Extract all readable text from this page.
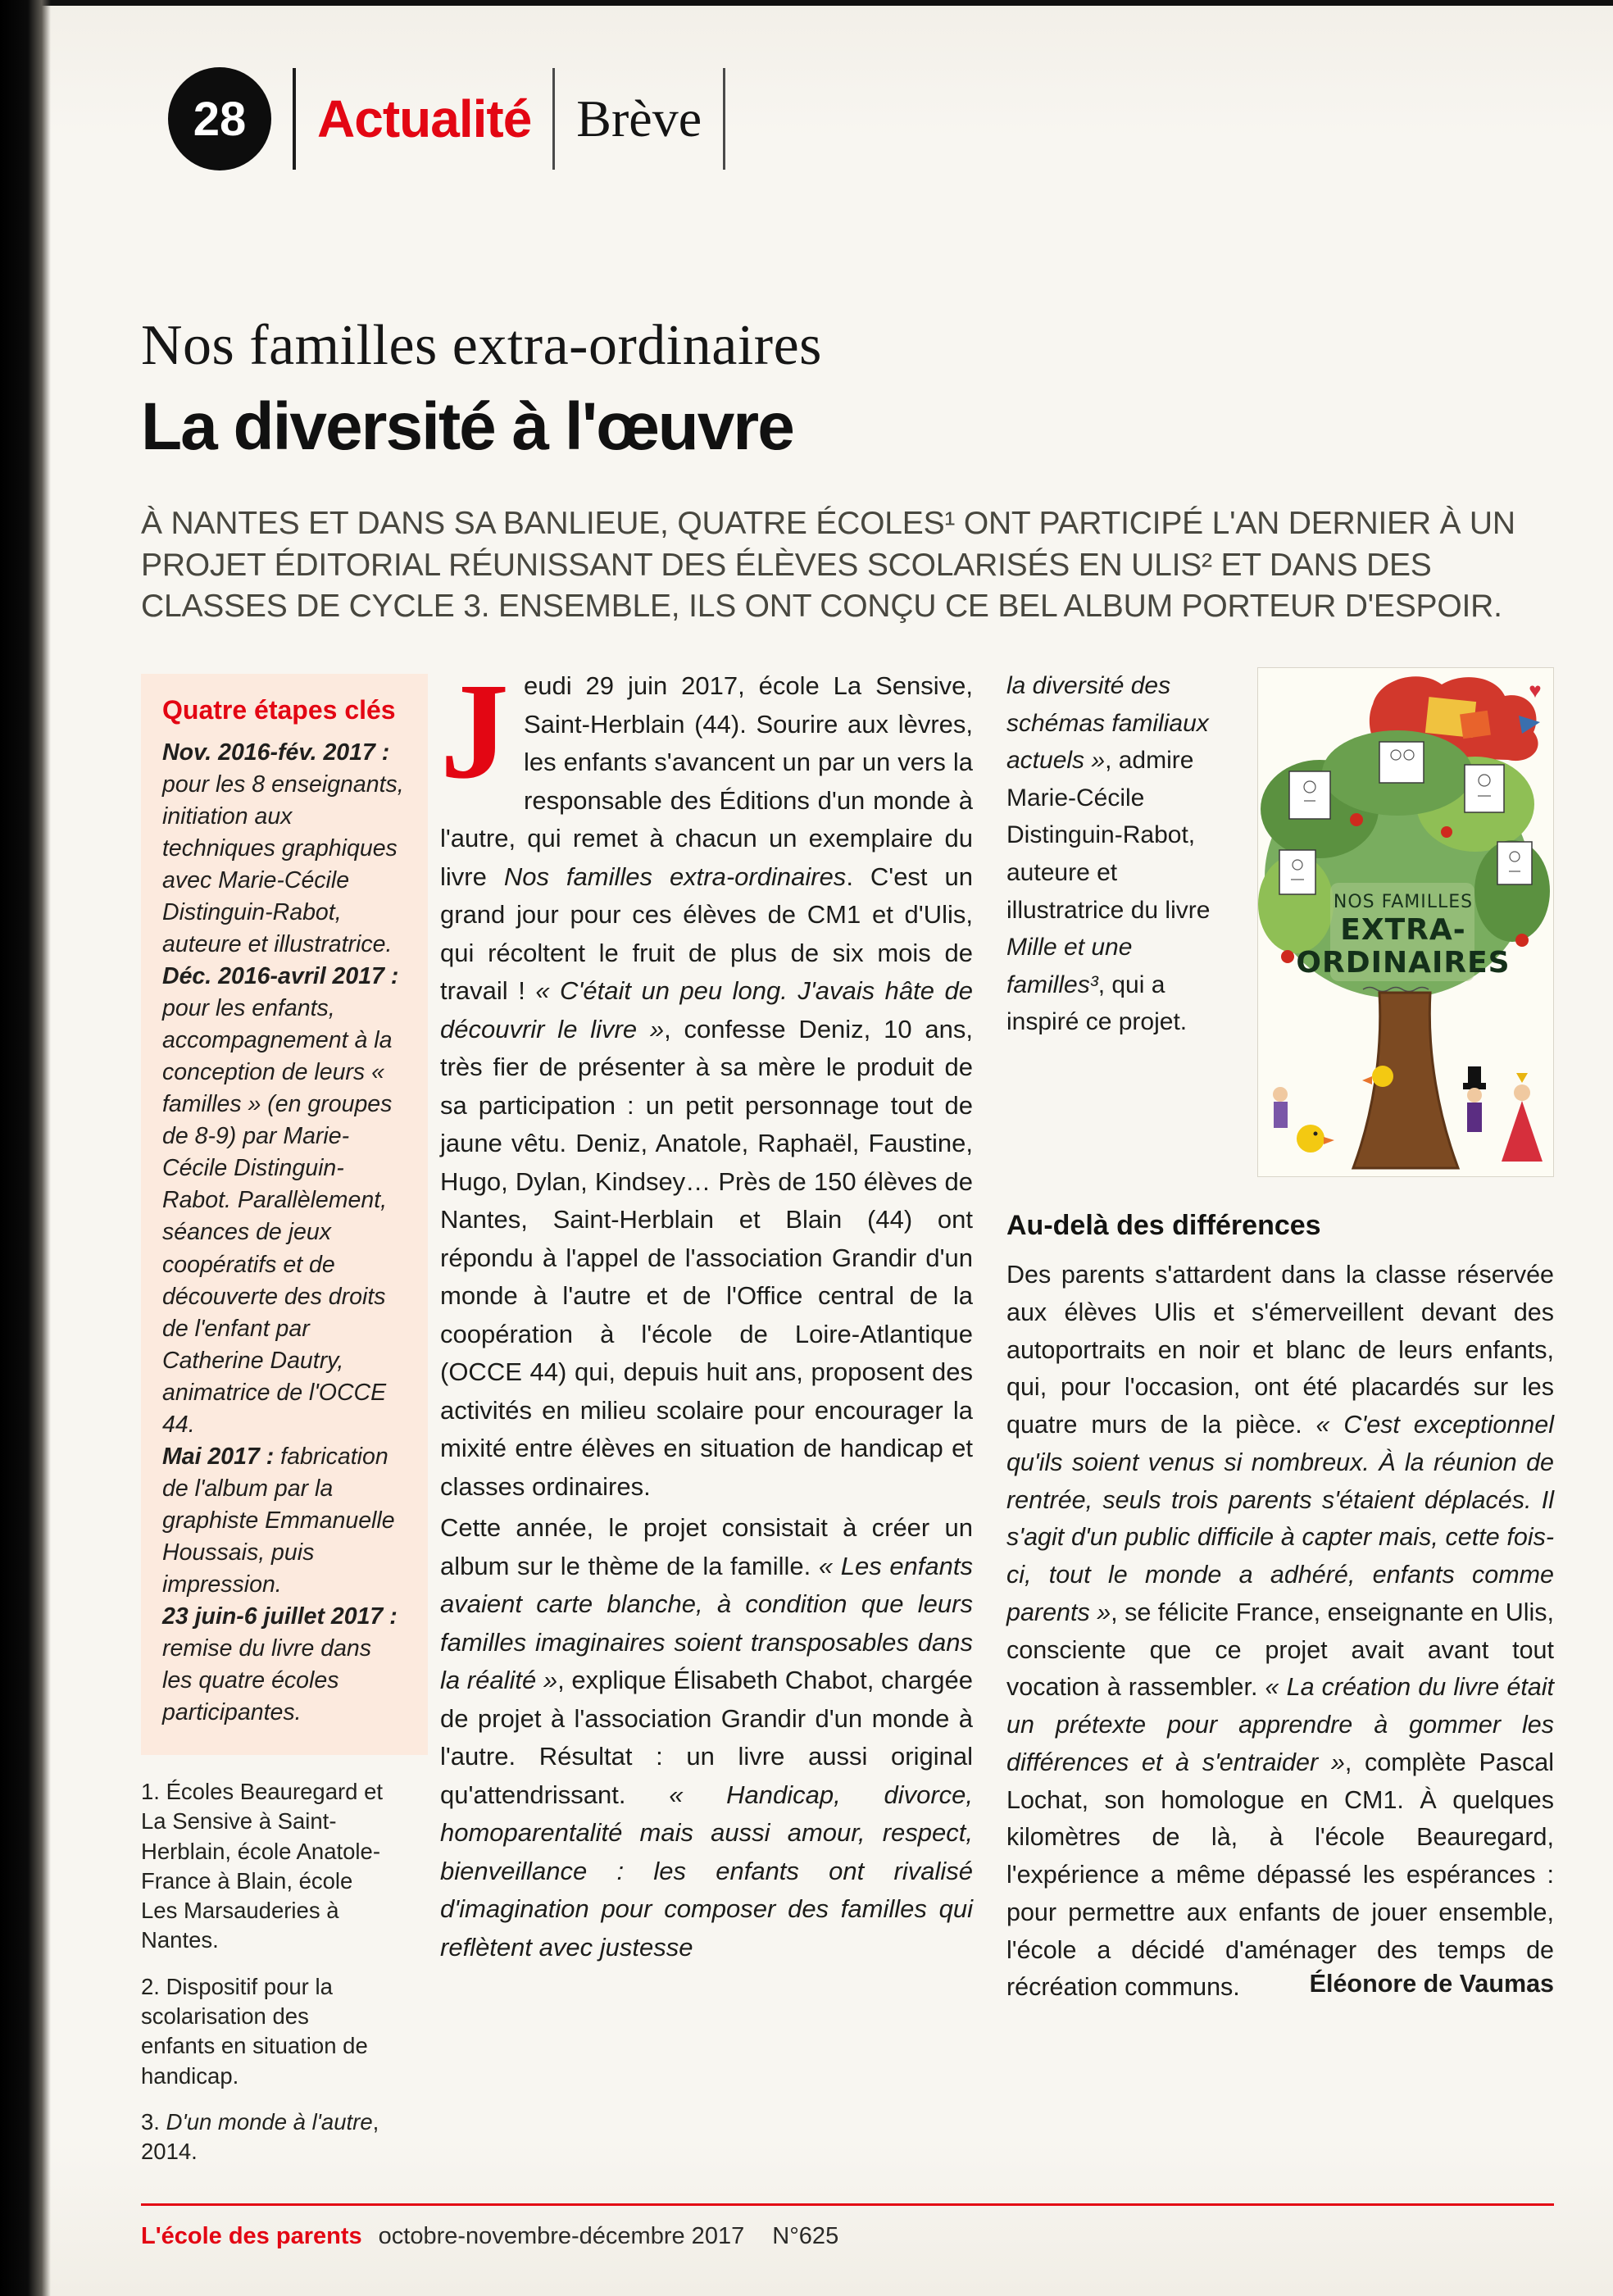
28 Actualité Brève
Nos familles extra-ordinaires
La diversité à l'œuvre

À NANTES ET DANS SA BANLIEUE, QUATRE ÉCOLES¹ ONT PARTICIPÉ L'AN DERNIER À UN PROJET ÉDITORIAL RÉUNISSANT DES ÉLÈVES SCOLARISÉS EN ULIS² ET DANS DES CLASSES DE CYCLE 3. ENSEMBLE, ILS ONT CONÇU CE BEL ALBUM PORTEUR D'ESPOIR.

Quatre étapes clés

Nov. 2016-fév. 2017 : pour les 8 enseignants, initiation aux techniques graphiques avec Marie-Cécile Distinguin-Rabot, auteure et illustratrice.

Déc. 2016-avril 2017 : pour les enfants, accompagnement à la conception de leurs « familles » (en groupes de 8-9) par Marie-Cécile Distinguin-Rabot. Parallèlement, séances de jeux coopératifs et de découverte des droits de l'enfant par Catherine Dautry, animatrice de l'OCCE 44.

Mai 2017 : fabrication de l'album par la graphiste Emmanuelle Houssais, puis impression.

23 juin-6 juillet 2017 : remise du livre dans les quatre écoles participantes.

1. Écoles Beauregard et La Sensive à Saint-Herblain, école Anatole-France à Blain, école Les Marsauderies à Nantes.

2. Dispositif pour la scolarisation des enfants en situation de handicap.

3. D'un monde à l'autre, 2014.

Jeudi 29 juin 2017, école La Sensive, Saint-Herblain (44). Sourire aux lèvres, les enfants s'avancent un par un vers la responsable des Éditions d'un monde à l'autre, qui remet à chacun un exemplaire du livre Nos familles extra-ordinaires. C'est un grand jour pour ces élèves de CM1 et d'Ulis, qui récoltent le fruit de plus de six mois de travail ! « C'était un peu long. J'avais hâte de découvrir le livre », confesse Deniz, 10 ans, très fier de présenter à sa mère le produit de sa participation : un petit personnage tout de jaune vêtu. Deniz, Anatole, Raphaël, Faustine, Hugo, Dylan, Kindsey… Près de 150 élèves de Nantes, Saint-Herblain et Blain (44) ont répondu à l'appel de l'association Grandir d'un monde à l'autre et de l'Office central de la coopération à l'école de Loire-Atlantique (OCCE 44) qui, depuis huit ans, proposent des activités en milieu scolaire pour encourager la mixité entre élèves en situation de handicap et classes ordinaires.

Cette année, le projet consistait à créer un album sur le thème de la famille. « Les enfants avaient carte blanche, à condition que leurs familles imaginaires soient transposables dans la réalité », explique Élisabeth Chabot, chargée de projet à l'association Grandir d'un monde à l'autre. Résultat : un livre aussi original qu'attendrissant. « Handicap, divorce, homoparentalité mais aussi amour, respect, bienveillance : les enfants ont rivalisé d'imagination pour composer des familles qui reflètent avec justesse

la diversité des schémas familiaux actuels », admire Marie-Cécile Distinguin-Rabot, auteure et illustratrice du livre Mille et une familles³, qui a inspiré ce projet.

♥
NOS FAMILLES
EXTRA-
ORDINAIRES
Au-delà des différences

Des parents s'attardent dans la classe réservée aux élèves Ulis et s'émerveillent devant des autoportraits en noir et blanc de leurs enfants, qui, pour l'occasion, ont été placardés sur les quatre murs de la pièce. « C'est exceptionnel qu'ils soient venus si nombreux. À la réunion de rentrée, seuls trois parents s'étaient déplacés. Il s'agit d'un public difficile à capter mais, cette fois-ci, tout le monde a adhéré, enfants comme parents », se félicite France, enseignante en Ulis, consciente que ce projet avait avant tout vocation à rassembler. « La création du livre était un prétexte pour apprendre à gommer les différences et à s'entraider », complète Pascal Lochat, son homologue en CM1. À quelques kilomètres de là, à l'école Beauregard, l'expérience a même dépassé les espérances : pour permettre aux enfants de jouer ensemble, l'école a décidé d'aménager des temps de récréation communs.	Éléonore de Vaumas
L'école des parents octobre-novembre-décembre 2017 N°625
